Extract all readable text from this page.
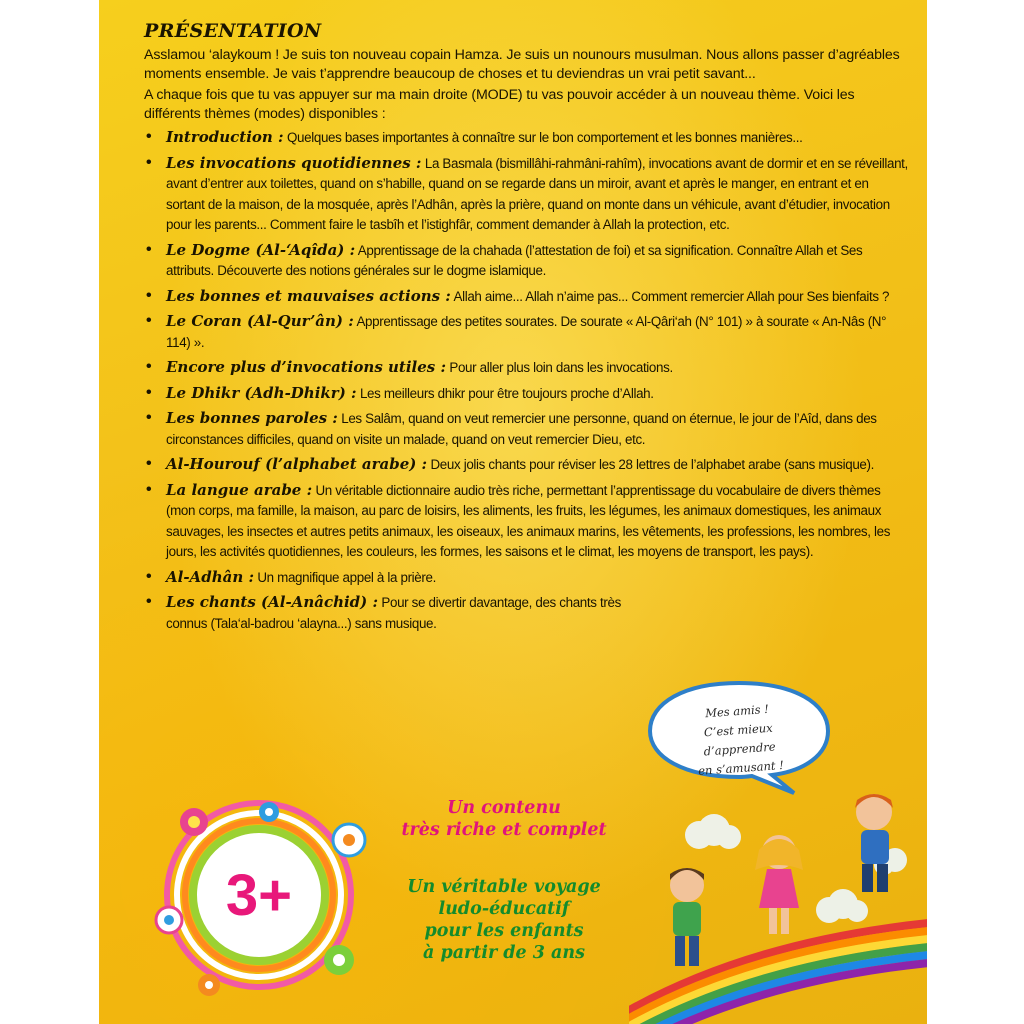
PRÉSENTATION

Asslamou ‘alaykoum ! Je suis ton nouveau copain Hamza. Je suis un nounours musulman. Nous allons passer d’agréables moments ensemble. Je vais t’apprendre beaucoup de choses et tu deviendras un vrai petit savant...

A chaque fois que tu vas appuyer sur ma main droite (MODE) tu vas pouvoir accéder à un nouveau thème. Voici les différents thèmes (modes) disponibles :

• Introduction : Quelques bases importantes à connaître sur le bon comportement et les bonnes manières...
• Les invocations quotidiennes : La Basmala (bismillâhi-rahmâni-rahîm), invocations avant de dormir et en se réveillant, avant d’entrer aux toilettes, quand on s’habille, quand on se regarde dans un miroir, avant et après le manger, en entrant et en sortant de la maison, de la mosquée, après l’Adhân, après la prière, quand on monte dans un véhicule, avant d’étudier, invocation pour les parents... Comment faire le tasbîh et l’istighfâr, comment demander à Allah la protection, etc.
• Le Dogme (Al-‘Aqîda) : Apprentissage de la chahada (l’attestation de foi) et sa signification. Connaître Allah et Ses attributs. Découverte des notions générales sur le dogme islamique.
• Les bonnes et mauvaises actions : Allah aime... Allah n’aime pas... Comment remercier Allah pour Ses bienfaits ?
• Le Coran (Al-Qur’ân) : Apprentissage des petites sourates. De sourate « Al-Qâri‘ah (N° 101) » à sourate « An-Nâs (N° 114) ».
• Encore plus d’invocations utiles : Pour aller plus loin dans les invocations.
• Le Dhikr (Adh-Dhikr) : Les meilleurs dhikr pour être toujours proche d’Allah.
• Les bonnes paroles : Les Salâm, quand on veut remercier une personne, quand on éternue, le jour de l’Aîd, dans des circonstances difficiles, quand on visite un malade, quand on veut remercier Dieu, etc.
• Al-Hourouf (l’alphabet arabe) : Deux jolis chants pour réviser les 28 lettres de l’alphabet arabe (sans musique).
• La langue arabe : Un véritable dictionnaire audio très riche, permettant l’apprentissage du vocabulaire de divers thèmes (mon corps, ma famille, la maison, au parc de loisirs, les aliments, les fruits, les légumes, les animaux domestiques, les animaux sauvages, les insectes et autres petits animaux, les oiseaux, les animaux marins, les vêtements, les professions, les nombres, les jours, les activités quotidiennes, les couleurs, les formes, les saisons et le climat, les moyens de transport, les pays).
• Al-Adhân : Un magnifique appel à la prière.
• Les chants (Al-Anâchid) : Pour se divertir davantage, des chants très connus (Tala‘al-badrou ‘alayna...) sans musique.
Mes amis !
C’est mieux d’apprendre
en s’amusant !
3+
Un contenu
très riche et complet
Un véritable voyage
ludo-éducatif
pour les enfants
à partir de 3 ans
